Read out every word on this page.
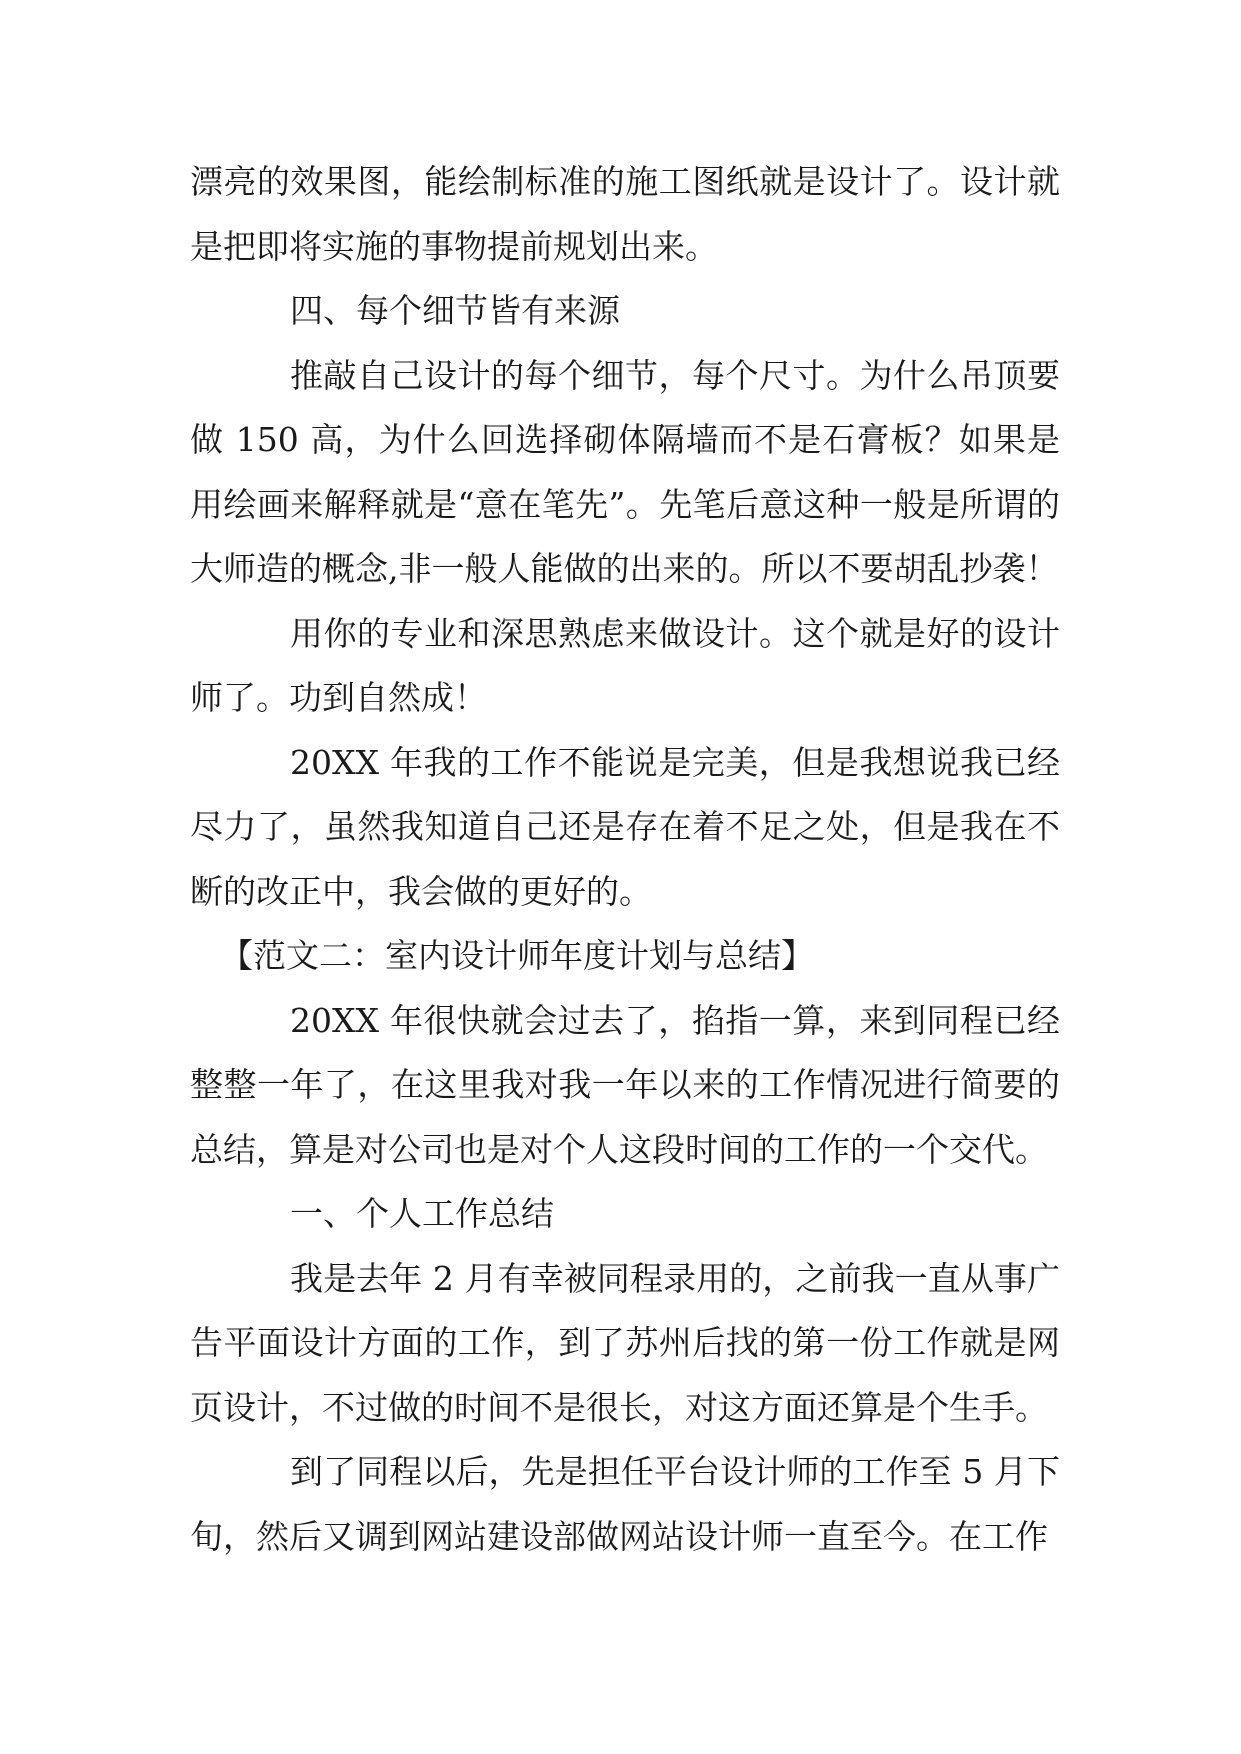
漂亮的效果图，能绘制标准的施工图纸就是设计了。设计就是把即将实施的事物提前规划出来。

四、每个细节皆有来源

推敲自己设计的每个细节，每个尺寸。为什么吊顶要做 150 高，为什么回选择砌体隔墙而不是石膏板？如果是用绘画来解释就是“意在笔先”。先笔后意这种一般是所谓的大师造的概念,非一般人能做的出来的。所以不要胡乱抄袭！

用你的专业和深思熟虑来做设计。这个就是好的设计师了。功到自然成！

20XX 年我的工作不能说是完美，但是我想说我已经尽力了，虽然我知道自己还是存在着不足之处，但是我在不断的改正中，我会做的更好的。

【范文二：室内设计师年度计划与总结】

20XX 年很快就会过去了，掐指一算，来到同程已经整整一年了，在这里我对我一年以来的工作情况进行简要的总结，算是对公司也是对个人这段时间的工作的一个交代。

一、个人工作总结

我是去年 2 月有幸被同程录用的，之前我一直从事广告平面设计方面的工作，到了苏州后找的第一份工作就是网页设计，不过做的时间不是很长，对这方面还算是个生手。

到了同程以后，先是担任平台设计师的工作至 5 月下旬，然后又调到网站建设部做网站设计师一直至今。在工作
